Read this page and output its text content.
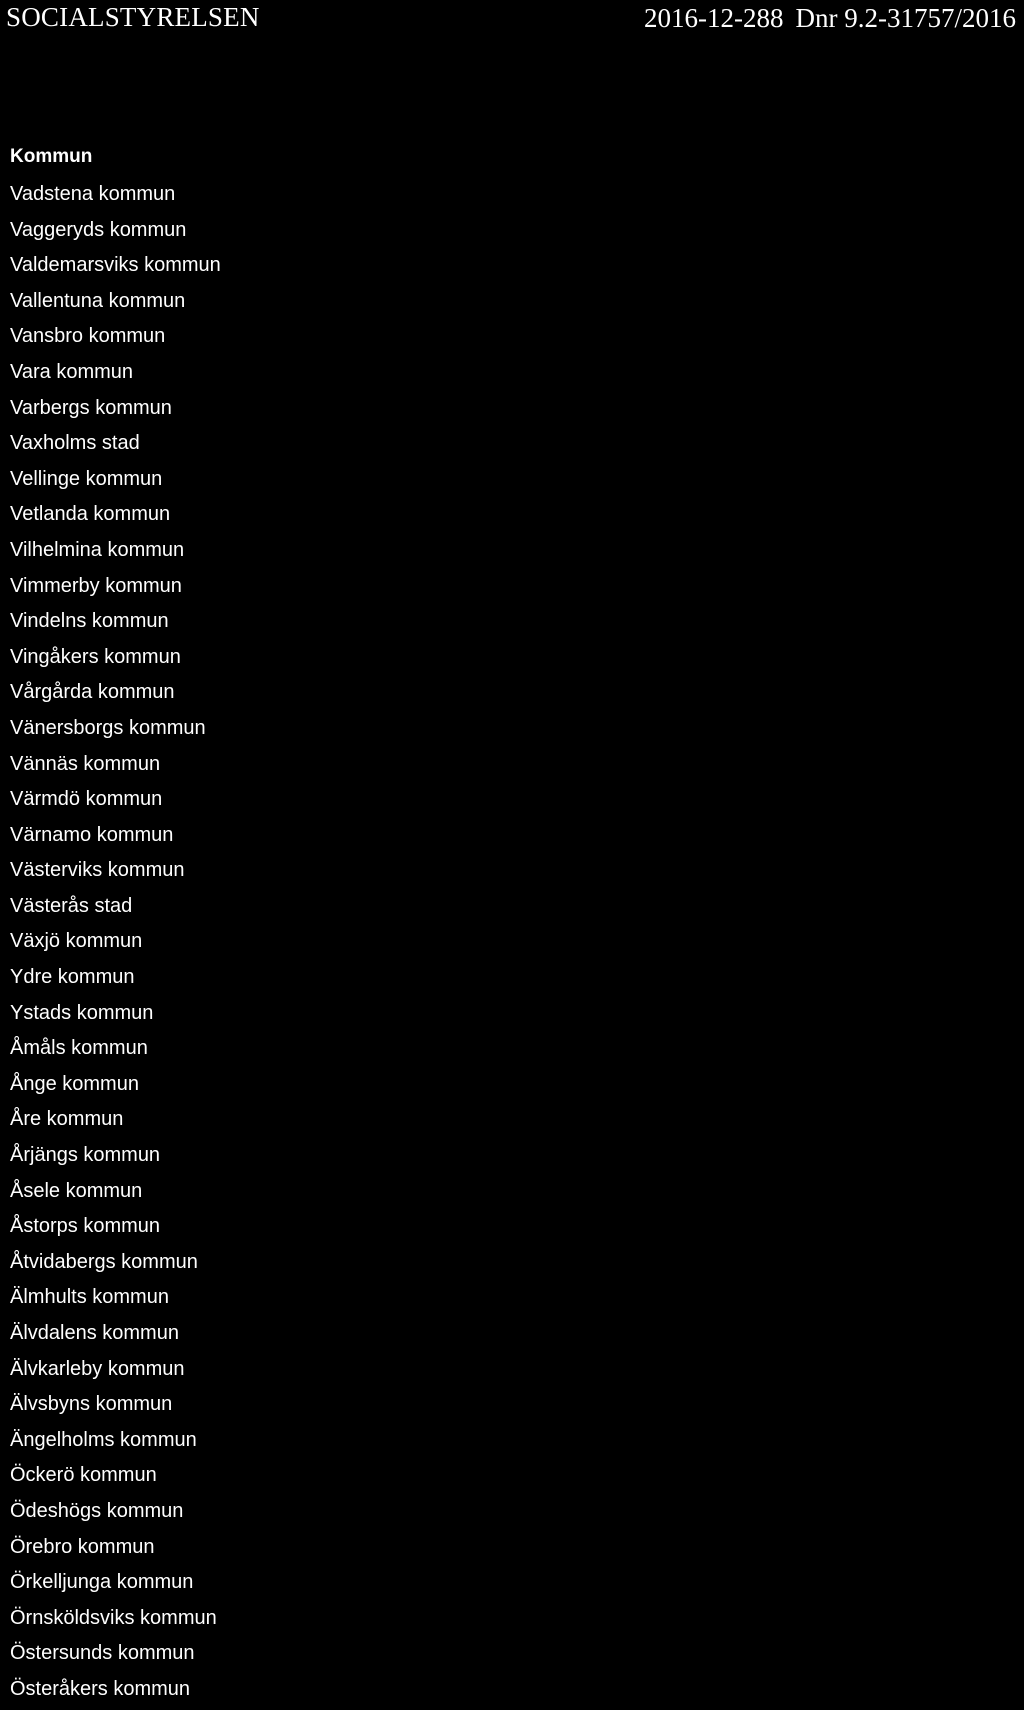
SOCIALSTYRELSEN	2016-12-288 Dnr 9.2-31757/2016
Kommun
Vadstena kommun
Vaggeryds kommun
Valdemarsviks kommun
Vallentuna kommun
Vansbro kommun
Vara kommun
Varbergs kommun
Vaxholms stad
Vellinge kommun
Vetlanda kommun
Vilhelmina kommun
Vimmerby kommun
Vindelns kommun
Vingåkers kommun
Vårgårda kommun
Vänersborgs kommun
Vännäs kommun
Värmdö kommun
Värnamo kommun
Västerviks kommun
Västerås stad
Växjö kommun
Ydre kommun
Ystads kommun
Åmåls kommun
Ånge kommun
Åre kommun
Årjängs kommun
Åsele kommun
Åstorps kommun
Åtvidabergs kommun
Älmhults kommun
Älvdalens kommun
Älvkarleby kommun
Älvsbyns kommun
Ängelholms kommun
Öckerö kommun
Ödeshögs kommun
Örebro kommun
Örkelljunga kommun
Örnsköldsviks kommun
Östersunds kommun
Österåkers kommun
